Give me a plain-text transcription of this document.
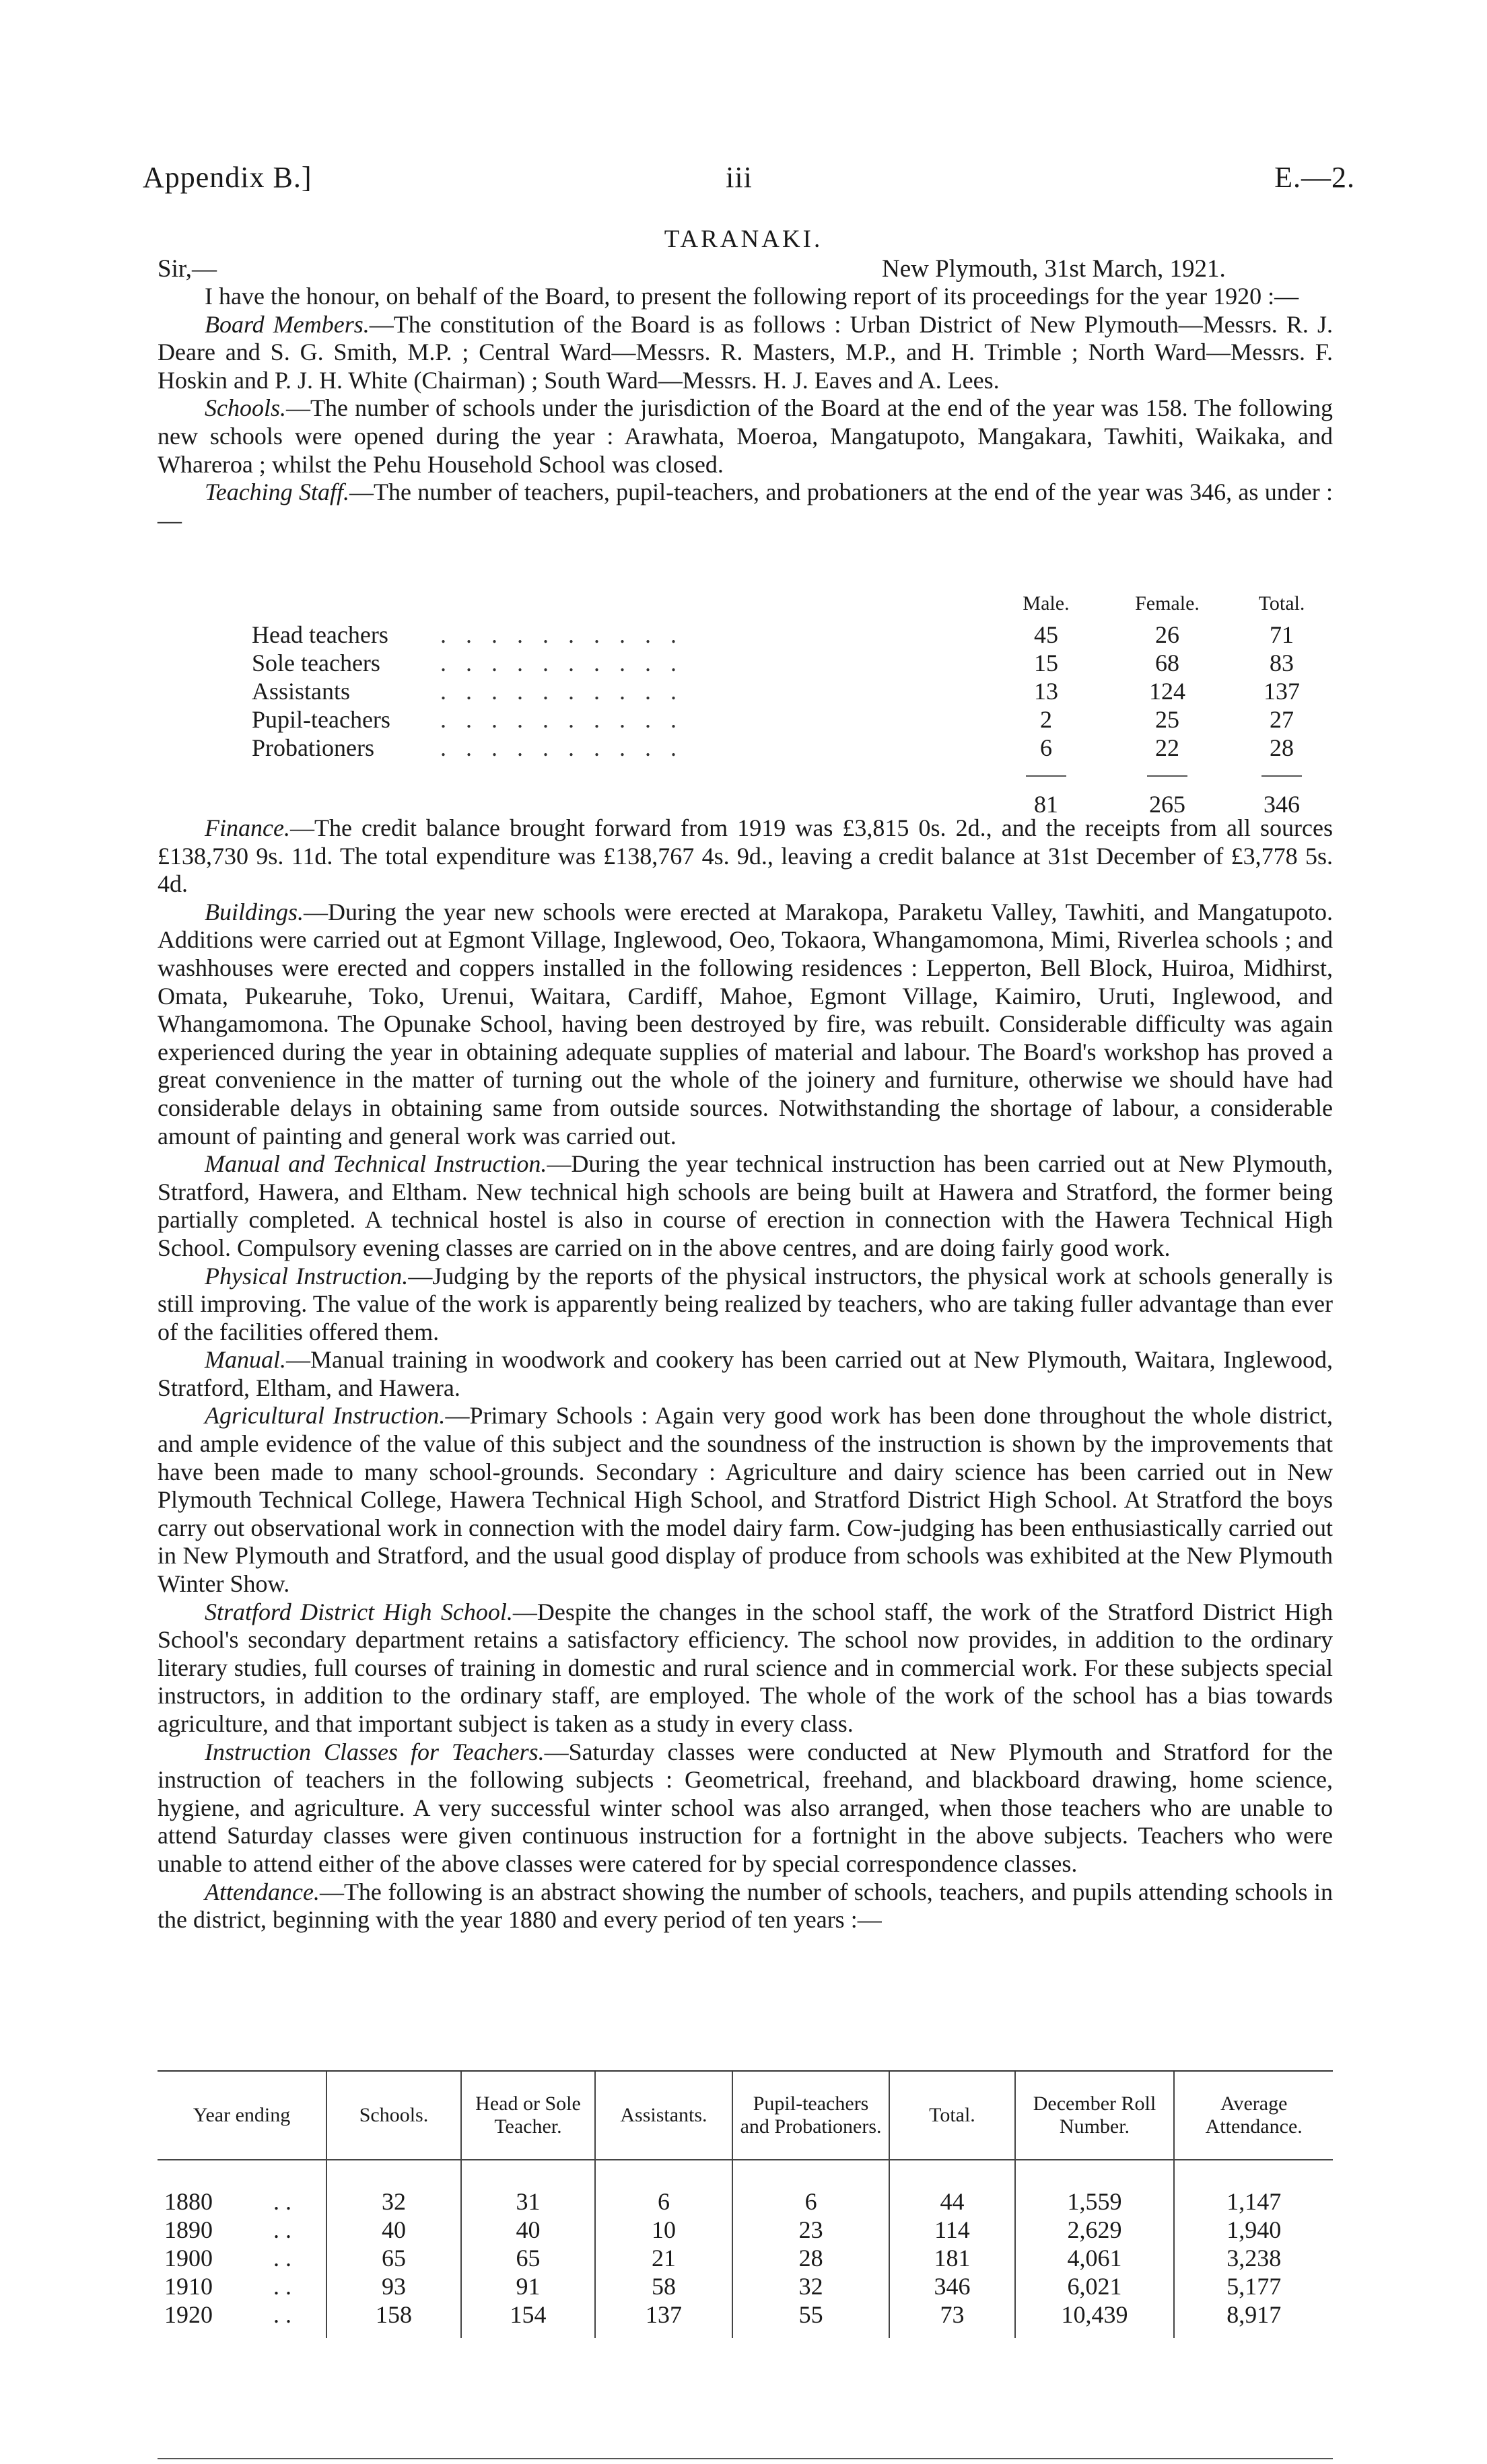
Appendix B.]	iii	E.—2.
TARANAKI.
Sir,—	New Plymouth, 31st March, 1921.

I have the honour, on behalf of the Board, to present the following report of its proceedings for the year 1920 :—

Board Members.—The constitution of the Board is as follows : Urban District of New Plymouth—Messrs. R. J. Deare and S. G. Smith, M.P. ; Central Ward—Messrs. R. Masters, M.P., and H. Trimble ; North Ward—Messrs. F. Hoskin and P. J. H. White (Chairman) ; South Ward—Messrs. H. J. Eaves and A. Lees.

Schools.—The number of schools under the jurisdiction of the Board at the end of the year was 158. The following new schools were opened during the year : Arawhata, Moeroa, Mangatupoto, Mangakara, Tawhiti, Waikaka, and Whareroa ; whilst the Pehu Household School was closed.

Teaching Staff.—The number of teachers, pupil-teachers, and probationers at the end of the year was 346, as under :—

Male.	Female.	Total.
Head teachers . . . . . . . . . .	45	26	71
Sole teachers . . . . . . . . . .	15	68	83
Assistants	. . . . . . . . . .	13	124	137
Pupil-teachers . . . . . . . . . .	2	25	27
Probationers	. . . . . . . . . .	6	22	28
81	265	346

Finance.—The credit balance brought forward from 1919 was £3,815 0s. 2d., and the receipts from all sources £138,730 9s. 11d. The total expenditure was £138,767 4s. 9d., leaving a credit balance at 31st December of £3,778 5s. 4d.

Buildings.—During the year new schools were erected at Marakopa, Paraketu Valley, Tawhiti, and Mangatupoto. Additions were carried out at Egmont Village, Inglewood, Oeo, Tokaora, Whangamomona, Mimi, Riverlea schools ; and washhouses were erected and coppers installed in the following residences : Lepperton, Bell Block, Huiroa, Midhirst, Omata, Pukearuhe, Toko, Urenui, Waitara, Cardiff, Mahoe, Egmont Village, Kaimiro, Uruti, Inglewood, and Whangamomona. The Opunake School, having been destroyed by fire, was rebuilt. Considerable difficulty was again experienced during the year in obtaining adequate supplies of material and labour. The Board's workshop has proved a great convenience in the matter of turning out the whole of the joinery and furniture, otherwise we should have had considerable delays in obtaining same from outside sources. Notwithstanding the shortage of labour, a considerable amount of painting and general work was carried out.

Manual and Technical Instruction.—During the year technical instruction has been carried out at New Plymouth, Stratford, Hawera, and Eltham. New technical high schools are being built at Hawera and Stratford, the former being partially completed. A technical hostel is also in course of erection in connection with the Hawera Technical High School. Compulsory evening classes are carried on in the above centres, and are doing fairly good work.

Physical Instruction.—Judging by the reports of the physical instructors, the physical work at schools generally is still improving. The value of the work is apparently being realized by teachers, who are taking fuller advantage than ever of the facilities offered them.

Manual.—Manual training in woodwork and cookery has been carried out at New Plymouth, Waitara, Inglewood, Stratford, Eltham, and Hawera.

Agricultural Instruction.—Primary Schools : Again very good work has been done throughout the whole district, and ample evidence of the value of this subject and the soundness of the instruction is shown by the improvements that have been made to many school-grounds. Secondary : Agriculture and dairy science has been carried out in New Plymouth Technical College, Hawera Technical High School, and Stratford District High School. At Stratford the boys carry out observational work in connection with the model dairy farm. Cow-judging has been enthusiastically carried out in New Plymouth and Stratford, and the usual good display of produce from schools was exhibited at the New Plymouth Winter Show.

Stratford District High School.—Despite the changes in the school staff, the work of the Stratford District High School's secondary department retains a satisfactory efficiency. The school now provides, in addition to the ordinary literary studies, full courses of training in domestic and rural science and in commercial work. For these subjects special instructors, in addition to the ordinary staff, are employed. The whole of the work of the school has a bias towards agriculture, and that important subject is taken as a study in every class.

Instruction Classes for Teachers.—Saturday classes were conducted at New Plymouth and Stratford for the instruction of teachers in the following subjects : Geometrical, freehand, and blackboard drawing, home science, hygiene, and agriculture. A very successful winter school was also arranged, when those teachers who are unable to attend Saturday classes were given continuous instruction for a fortnight in the above subjects. Teachers who were unable to attend either of the above classes were catered for by special correspondence classes.

Attendance.—The following is an abstract showing the number of schools, teachers, and pupils attending schools in the district, beginning with the year 1880 and every period of ten years :—

Year ending	Schools.	Head or Sole Teacher.	Assistants.	Pupil-teachers and Probationers.	Total.	December Roll Number.	Average Attendance.

1880 . .	32	31	6	6	44	1,559	1,147
1890 . .	40	40	10	23	114	2,629	1,940
1900 . .	65	65	21	28	181	4,061	3,238
1910 . .	93	91	58	32	346	6,021	5,177
1920 . .	158	154	137	55	73	10,439	8,917
